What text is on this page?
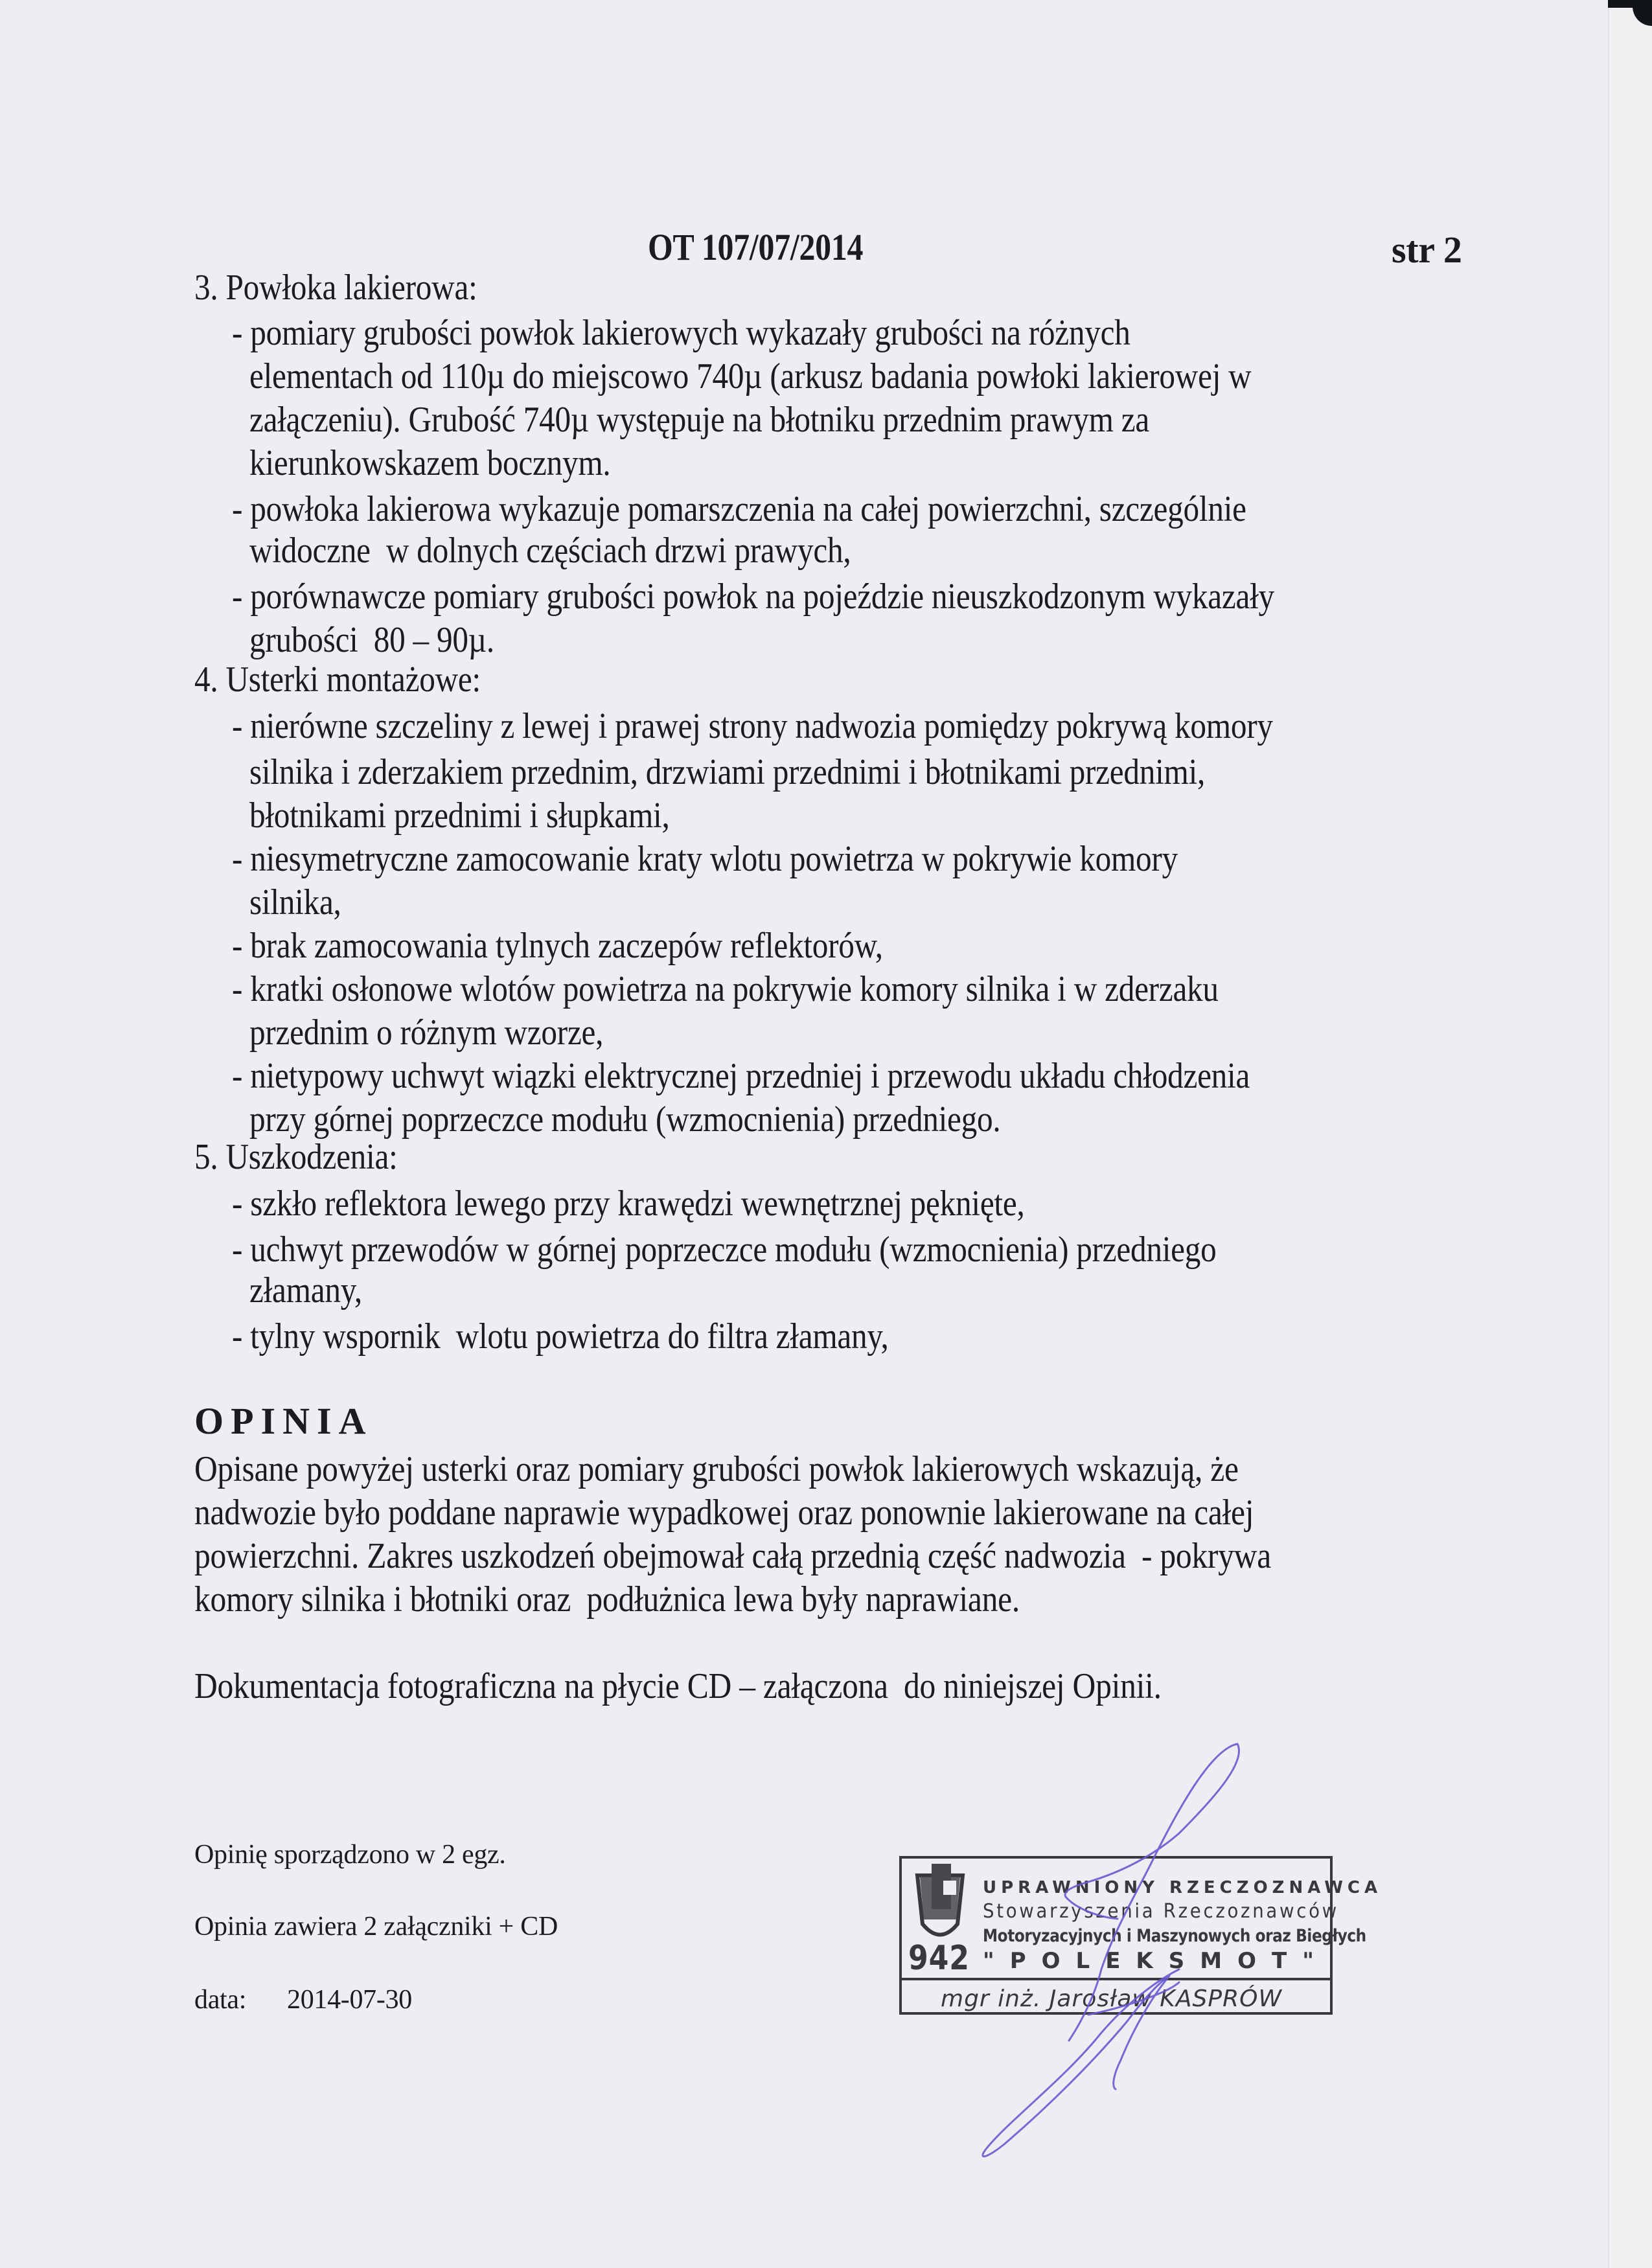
OT 107/07/2014	str 2
3. Powłoka lakierowa:
- pomiary grubości powłok lakierowych wykazały grubości na różnych
elementach od 110µ do miejscowo 740µ (arkusz badania powłoki lakierowej w
załączeniu). Grubość 740µ występuje na błotniku przednim prawym za
kierunkowskazem bocznym.
- powłoka lakierowa wykazuje pomarszczenia na całej powierzchni, szczególnie
widoczne  w dolnych częściach drzwi prawych,
- porównawcze pomiary grubości powłok na pojeździe nieuszkodzonym wykazały
grubości  80 – 90µ.
4. Usterki montażowe:
- nierówne szczeliny z lewej i prawej strony nadwozia pomiędzy pokrywą komory
silnika i zderzakiem przednim, drzwiami przednimi i błotnikami przednimi,
błotnikami przednimi i słupkami,
- niesymetryczne zamocowanie kraty wlotu powietrza w pokrywie komory
silnika,
- brak zamocowania tylnych zaczepów reflektorów,
- kratki osłonowe wlotów powietrza na pokrywie komory silnika i w zderzaku
przednim o różnym wzorze,
- nietypowy uchwyt wiązki elektrycznej przedniej i przewodu układu chłodzenia
przy górnej poprzeczce modułu (wzmocnienia) przedniego.
5. Uszkodzenia:
- szkło reflektora lewego przy krawędzi wewnętrznej pęknięte,
- uchwyt przewodów w górnej poprzeczce modułu (wzmocnienia) przedniego
złamany,
- tylny wspornik  wlotu powietrza do filtra złamany,
OPINIA
Opisane powyżej usterki oraz pomiary grubości powłok lakierowych wskazują, że
nadwozie było poddane naprawie wypadkowej oraz ponownie lakierowane na całej
powierzchni. Zakres uszkodzeń obejmował całą przednią część nadwozia  - pokrywa
komory silnika i błotniki oraz  podłużnica lewa były naprawiane.
Dokumentacja fotograficzna na płycie CD – załączona  do niniejszej Opinii.
Opinię sporządzono w 2 egz.
Opinia zawiera 2 załączniki + CD
data: 2014-07-30
942
UPRAWNIONY RZECZOZNAWCA
Stowarzyszenia Rzeczoznawców
Motoryzacyjnych i Maszynowych oraz Biegłych
"POLEKSMOT"
mgr inż. Jarosław KASPRÓW
